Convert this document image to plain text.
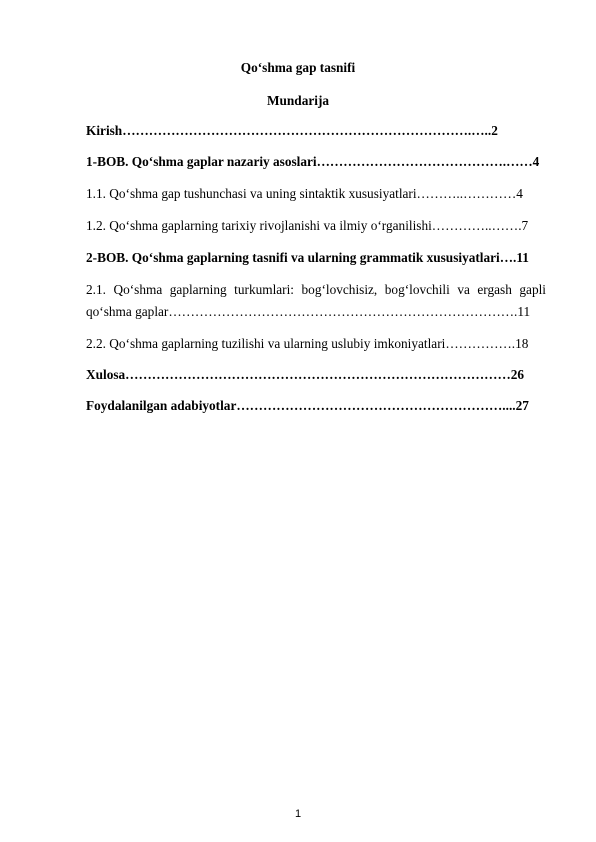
Qo‘shma gap tasnifi
Mundarija
Kirish…………………………………………………………………….…..2
1-BOB. Qo‘shma gaplar nazariy asoslari…………………………………….……4
1.1. Qo‘shma gap tushunchasi va uning sintaktik xususiyatlari………..…………4
1.2. Qo‘shma gaplarning tarixiy rivojlanishi va ilmiy o‘rganilishi…………..…….7
2-BOB. Qo‘shma gaplarning tasnifi va ularning grammatik xususiyatlari….11
2.1. Qo‘shma gaplarning turkumlari: bog‘lovchisiz, bog‘lovchili va ergash gapli qo‘shma gaplar…………………………………………………………………….11
2.2. Qo‘shma gaplarning tuzilishi va ularning uslubiy imkoniyatlari…………….18
Xulosa……………………………………………………………………………26
Foydalanilgan adabiyotlar……………………………………………………....27
1
